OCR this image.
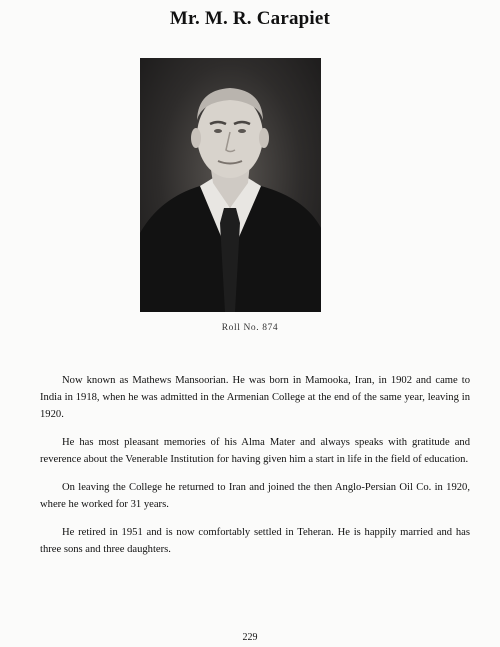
Mr. M. R. Carapiet
Roll No. 874

Now known as Mathews Mansoorian. He was born in Mamooka, Iran, in 1902 and came to India in 1918, when he was admitted in the Armenian College at the end of the same year, leaving in 1920.

He has most pleasant memories of his Alma Mater and always speaks with gratitude and reverence about the Venerable Institution for having given him a start in life in the field of education.

On leaving the College he returned to Iran and joined the then Anglo-Persian Oil Co. in 1920, where he worked for 31 years.

He retired in 1951 and is now comfortably settled in Teheran. He is happily married and has three sons and three daughters.

229
